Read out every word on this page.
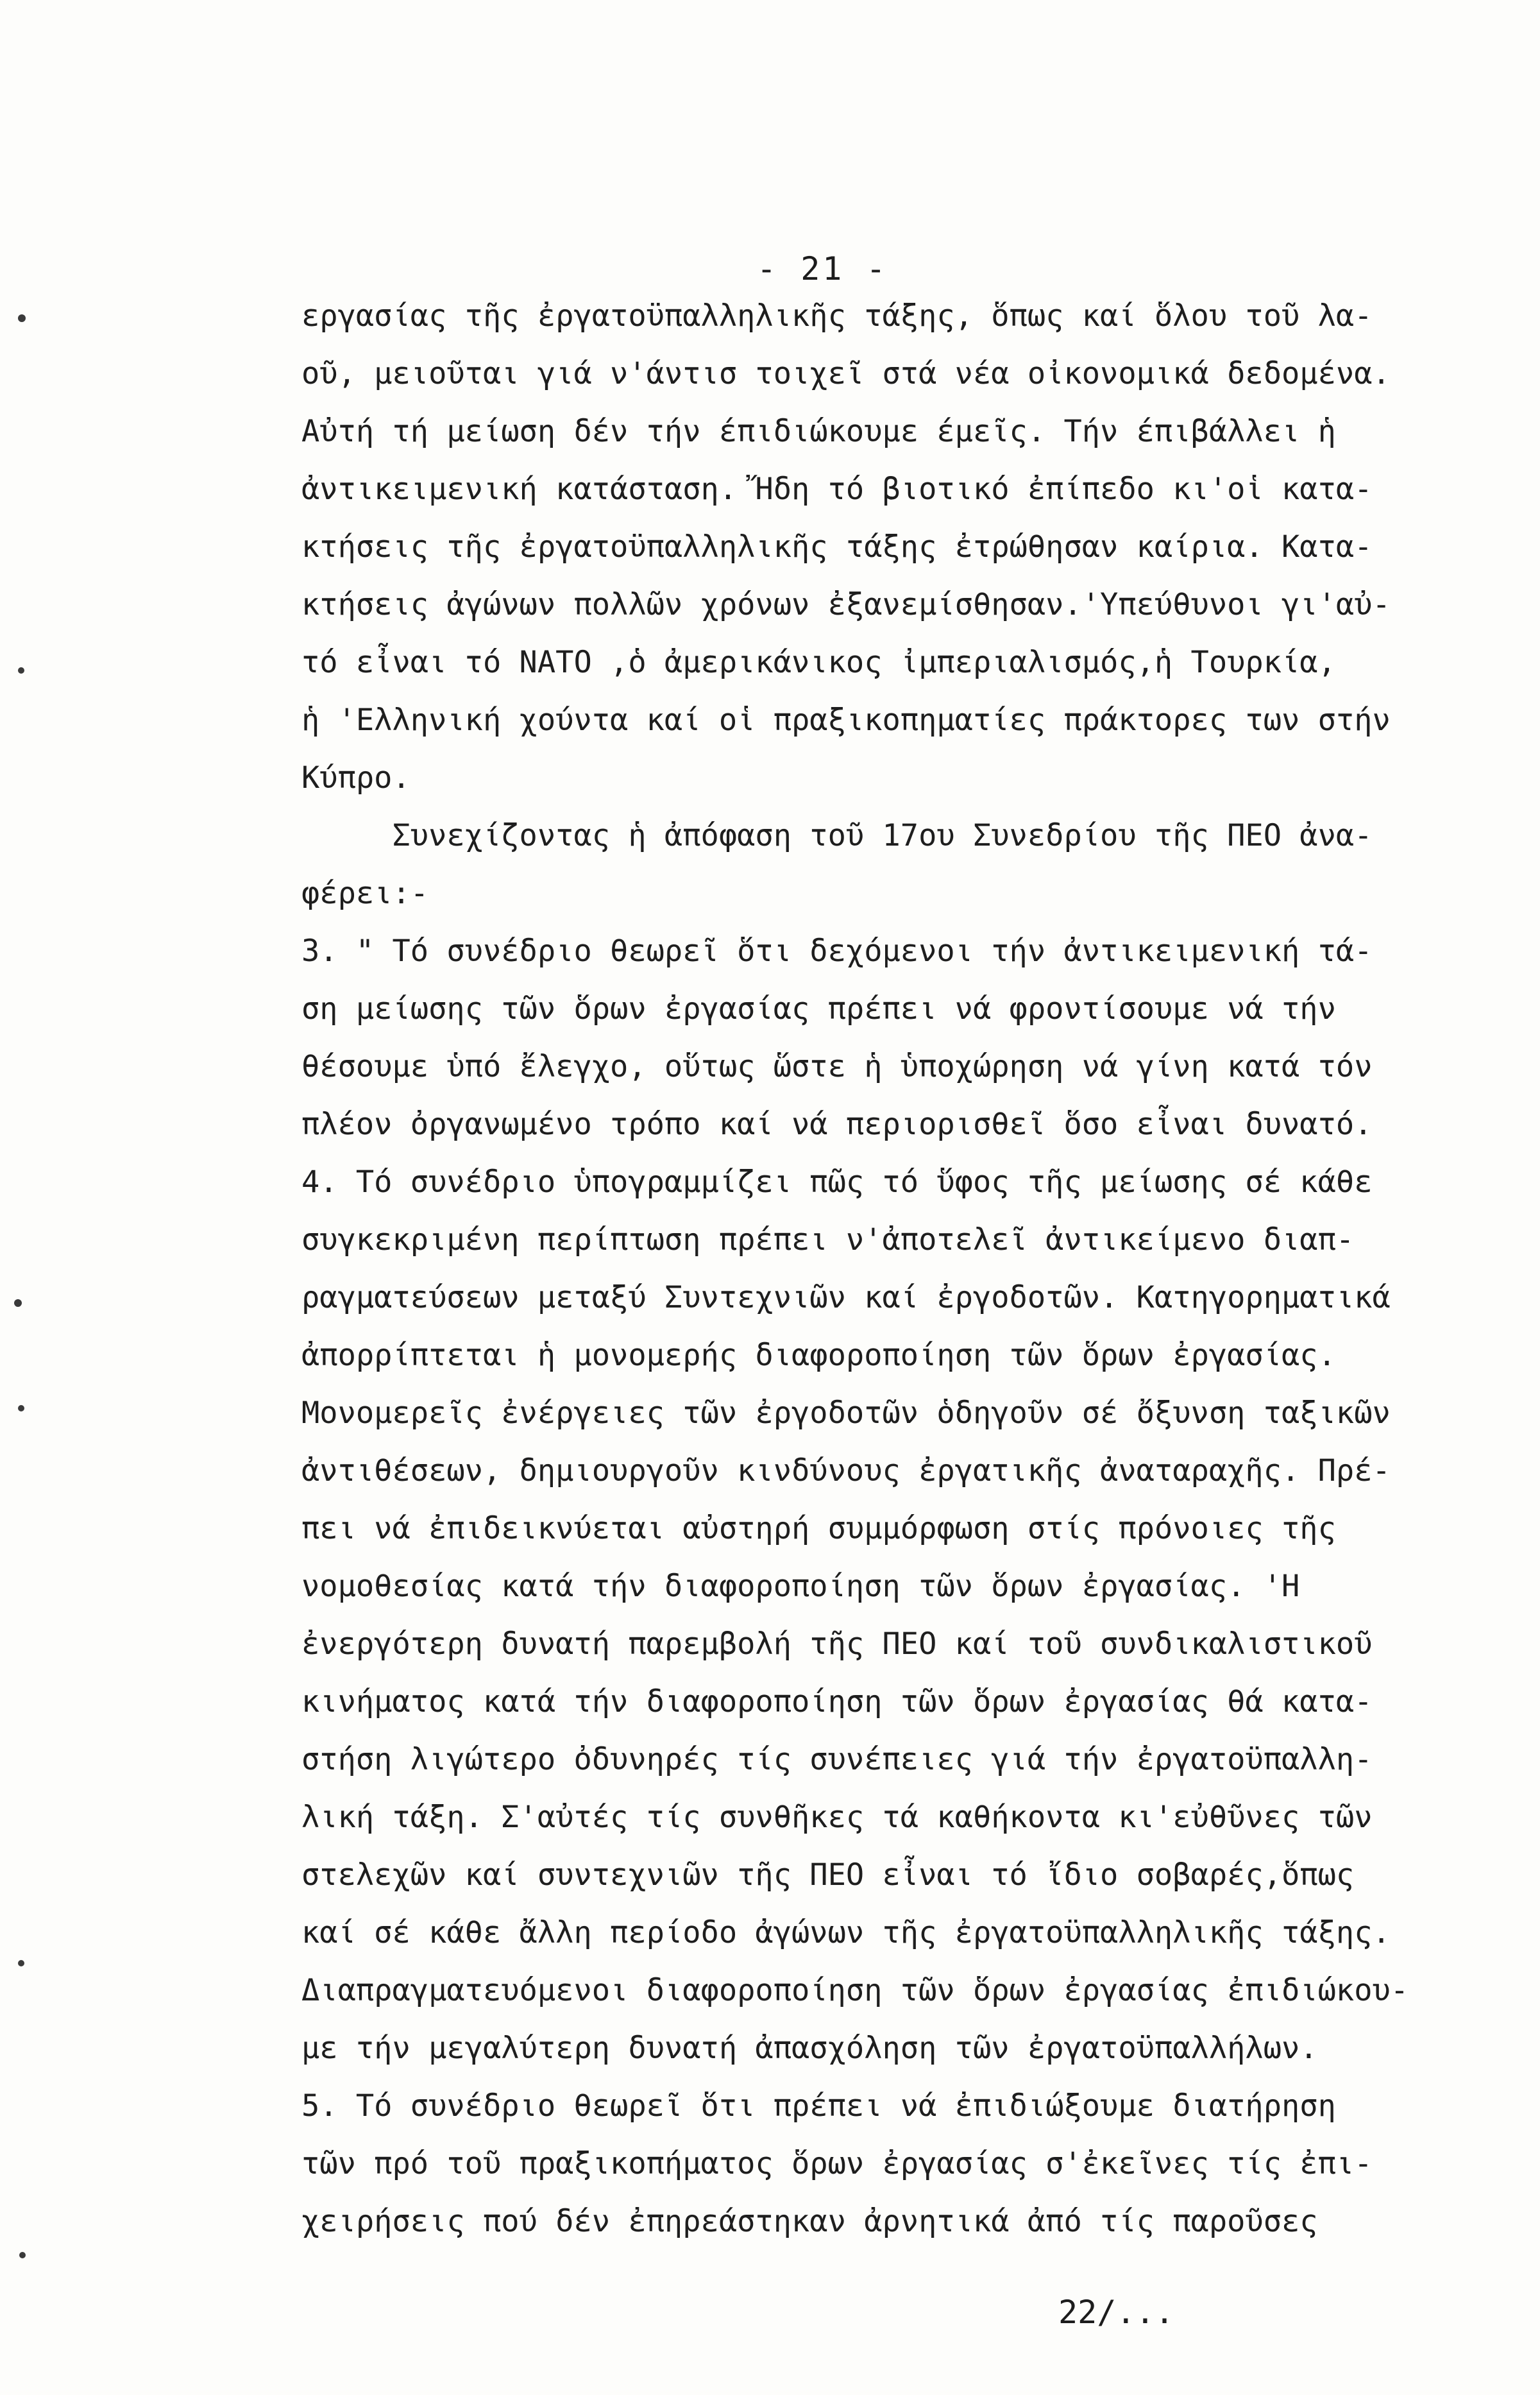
- 21 -
εργασίας τῆς ἐργατοϋπαλληλικῆς τάξης, ὅπως καί ὅλου τοῦ λα-
οῦ, μειοῦται γιά ν'άντισ τοιχεῖ στά νέα οἰκονομικά δεδομένα.
Αὐτή τή μείωση δέν τήν έπιδιώκουμε έμεῖς. Τήν έπιβάλλει ἡ
ἀντικειμενική κατάσταση. Ἤδη τό βιοτικό ἐπίπεδο κι'οἱ κατα-
κτήσεις τῆς ἐργατοϋπαλληλικῆς τάξης ἐτρώθησαν καίρια. Κατα-
κτήσεις ἀγώνων πολλῶν χρόνων ἐξανεμίσθησαν.'Υπεύθυνοι γι'αὐ-
τό εἶναι τό ΝΑΤΟ ,ὁ ἀμερικάνικος ἰμπεριαλισμός,ἡ Τουρκία,
ἡ 'Ελληνική χούντα καί οἱ πραξικοπηματίες πράκτορες των στήν
Κύπρο.
Συνεχίζοντας ἡ ἀπόφαση τοῦ 17ου Συνεδρίου τῆς ΠΕΟ ἀνα-
φέρει:-
3. " Τό συνέδριο θεωρεῖ ὅτι δεχόμενοι τήν ἀντικειμενική τά-
ση μείωσης τῶν ὅρων ἐργασίας πρέπει νά φροντίσουμε νά τήν
θέσουμε ὑπό ἔλεγχο, οὕτως ὥστε ἡ ὑποχώρηση νά γίνη κατά τόν
πλέον ὀργανωμένο τρόπο καί νά περιορισθεῖ ὅσο εἶναι δυνατό.
4. Τό συνέδριο ὑπογραμμίζει πῶς τό ὕφος τῆς μείωσης σέ κάθε
συγκεκριμένη περίπτωση πρέπει ν'ἀποτελεῖ ἀντικείμενο διαπ-
ραγματεύσεων μεταξύ Συντεχνιῶν καί ἐργοδοτῶν. Κατηγορηματικά
ἀπορρίπτεται ἡ μονομερής διαφοροποίηση τῶν ὅρων ἐργασίας.
Μονομερεῖς ἐνέργειες τῶν ἐργοδοτῶν ὁδηγοῦν σέ ὄξυνση ταξικῶν
ἀντιθέσεων, δημιουργοῦν κινδύνους ἐργατικῆς ἀναταραχῆς. Πρέ-
πει νά ἐπιδεικνύεται αὐστηρή συμμόρφωση στίς πρόνοιες τῆς
νομοθεσίας κατά τήν διαφοροποίηση τῶν ὅρων ἐργασίας. 'Η
ἐνεργότερη δυνατή παρεμβολή τῆς ΠΕΟ καί τοῦ συνδικαλιστικοῦ
κινήματος κατά τήν διαφοροποίηση τῶν ὅρων ἐργασίας θά κατα-
στήση λιγώτερο ὀδυνηρές τίς συνέπειες γιά τήν ἐργατοϋπαλλη-
λική τάξη. Σ'αὐτές τίς συνθῆκες τά καθήκοντα κι'εὐθῦνες τῶν
στελεχῶν καί συντεχνιῶν τῆς ΠΕΟ εἶναι τό ἴδιο σοβαρές,ὅπως
καί σέ κάθε ἄλλη περίοδο ἀγώνων τῆς ἐργατοϋπαλληλικῆς τάξης.
Διαπραγματευόμενοι διαφοροποίηση τῶν ὅρων ἐργασίας ἐπιδιώκου-
με τήν μεγαλύτερη δυνατή ἀπασχόληση τῶν ἐργατοϋπαλλήλων.
5. Τό συνέδριο θεωρεῖ ὅτι πρέπει νά ἐπιδιώξουμε διατήρηση
τῶν πρό τοῦ πραξικοπήματος ὅρων ἐργασίας σ'ἐκεῖνες τίς ἐπι-
χειρήσεις πού δέν ἐπηρεάστηκαν ἀρνητικά ἀπό τίς παροῦσες
22/...
